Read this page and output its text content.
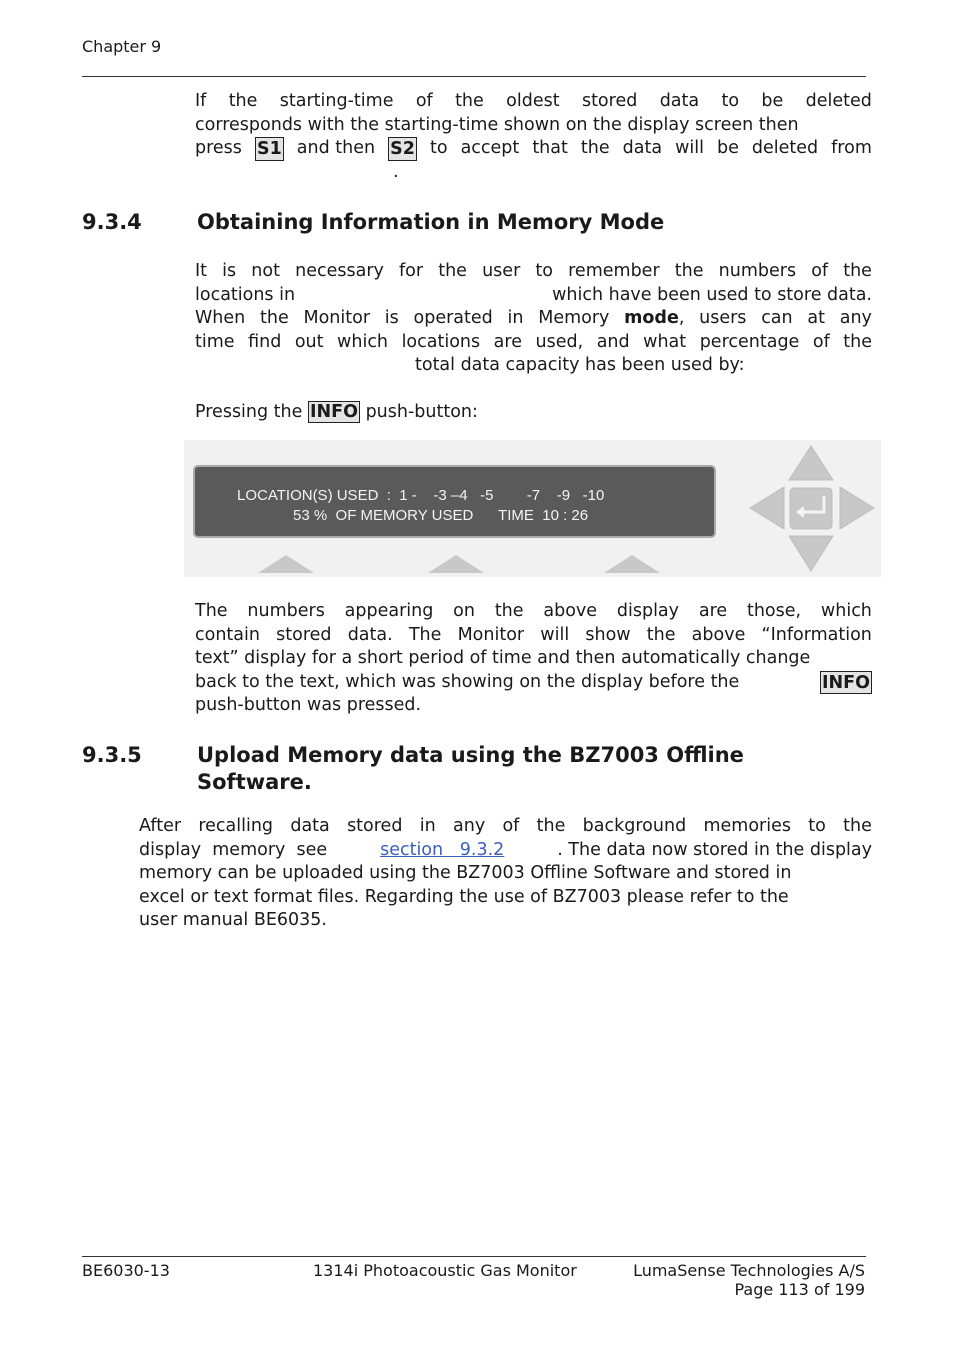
Chapter 9
If the starting-time of the oldest stored data to be deleted
corresponds with the starting-time shown on the display screen then
press S1 and then S2 to accept that the data will be deleted from
.
9.3.4	Obtaining Information in Memory Mode
It is not necessary for the user to remember the numbers of the
locations in	which have been used to store data.
When the Monitor is operated in Memory mode, users can at any
time find out which locations are used, and what percentage of the
total data capacity has been used by:
Pressing the INFO push-button:
LOCATION(S) USED  :  1 -    -3 –4   -5        -7    -9   -10
53 %  OF MEMORY USED      TIME  10 : 26
The numbers appearing on the above display are those, which
contain stored data. The Monitor will show the above “Information
text” display for a short period of time and then automatically change
back to the text, which was showing on the display before the	INFO
push-button was pressed.
9.3.5	Upload Memory data using the BZ7003 Offline
Software.
After recalling data stored in any of the background memories to the
display  memory  see	section   9.3.2	. The data now stored in the display
memory can be uploaded using the BZ7003 Offline Software and stored in
excel or text format files. Regarding the use of BZ7003 please refer to the
user manual BE6035.
BE6030-13	1314i Photoacoustic Gas Monitor	LumaSense Technologies A/S
Page 113 of 199
